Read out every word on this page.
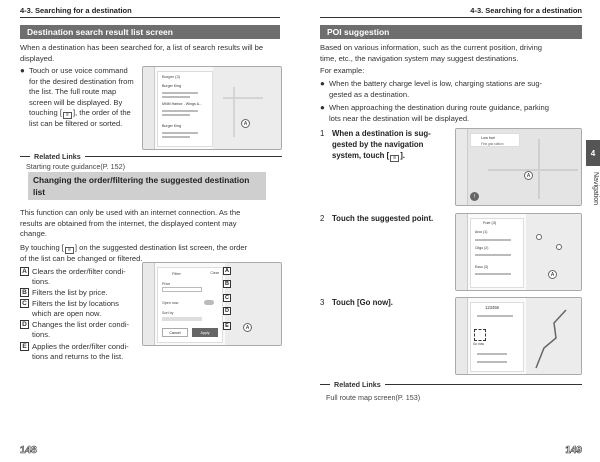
4-3. Searching for a destination
Destination search result list screen
When a destination has been searched for, a list of search results will be displayed.
● Touch or use voice command
for the desired destination from
the list. The full route map
screen will be displayed. By
touching [ ≡ ], the order of the
list can be filtered or sorted.	A
Burger (3)
Burger King
MNM Harbor - Wings &...
Burger King
Related Links
Starting route guidance(P. 152)
Changing the order/filtering the suggested destination
list
This function can only be used with an internet connection. As the
results are obtained from the internet, the displayed content may
change.
By touching [ ≡ ] on the suggested destination list screen, the order
of the list can be changed or filtered.
A Clears the order/filter condi-
tions.
B Filters the list by price.
C Filters the list by locations
which are open now.
D Changes the list order condi-
tions.
E Applies the order/filter condi-
tions and returns to the list.
A
Filter	Clear
Price
Open now
Sort by
Cancel	Apply
A
B
C
D
E
148
4-3. Searching for a destination
POI suggestion
Based on various information, such as the current position, driving
time, etc., the navigation system may suggest destinations.
For example:
● When the battery charge level is low, charging stations are sug-
gested as a destination.
● When approaching the destination during route guidance, parking
lots near the destination will be displayed.
1 When a destination is sug-
gested by the navigation
system, touch [ ≡ ].
A
Low fuel
Find gas station
!
2 Touch the suggested point.
A
Fuel (3)
Arco (1)
Citgo (2)
Esso (3)
3 Touch [Go now].
123456
Go now
Related Links
Full route map screen(P. 153)
4
Navigation
149
